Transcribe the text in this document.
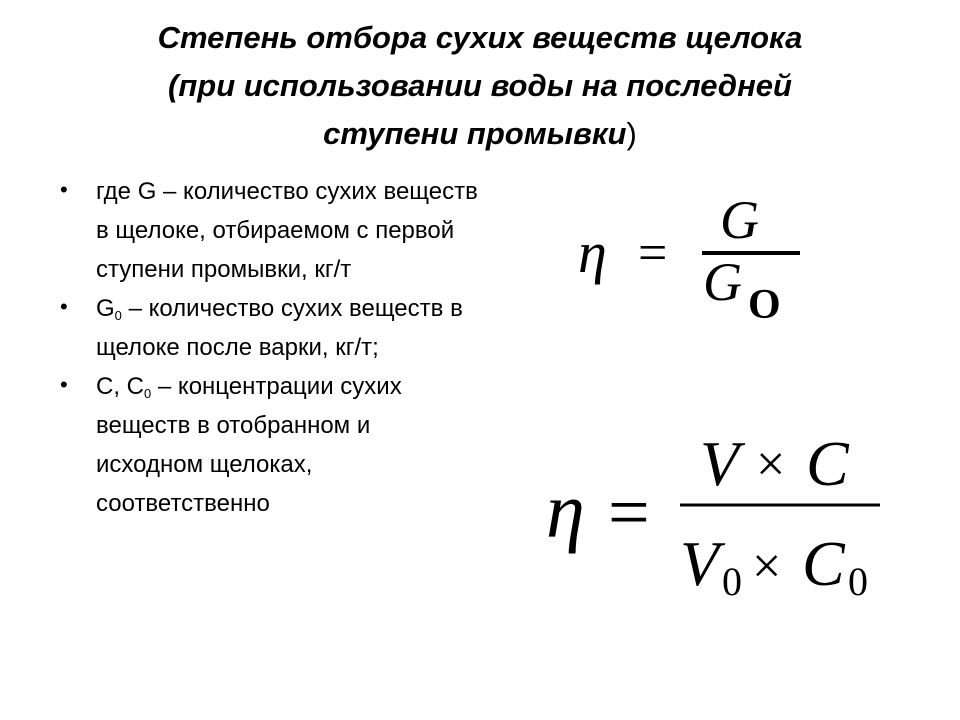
Степень отбора сухих веществ щелока
(при использовании воды на последней
ступени промывки)
• где G – количество сухих веществ в щелоке, отбираемом с первой ступени промывки, кг/т
• $G_0$ – количество сухих веществ в щелоке после варки, кг/т;
• С, $С_0$ – концентрации сухих веществ в отобранном и исходном щелоках, соответственно
η =
G
G O
η =
V × C
V 0 × C 0
